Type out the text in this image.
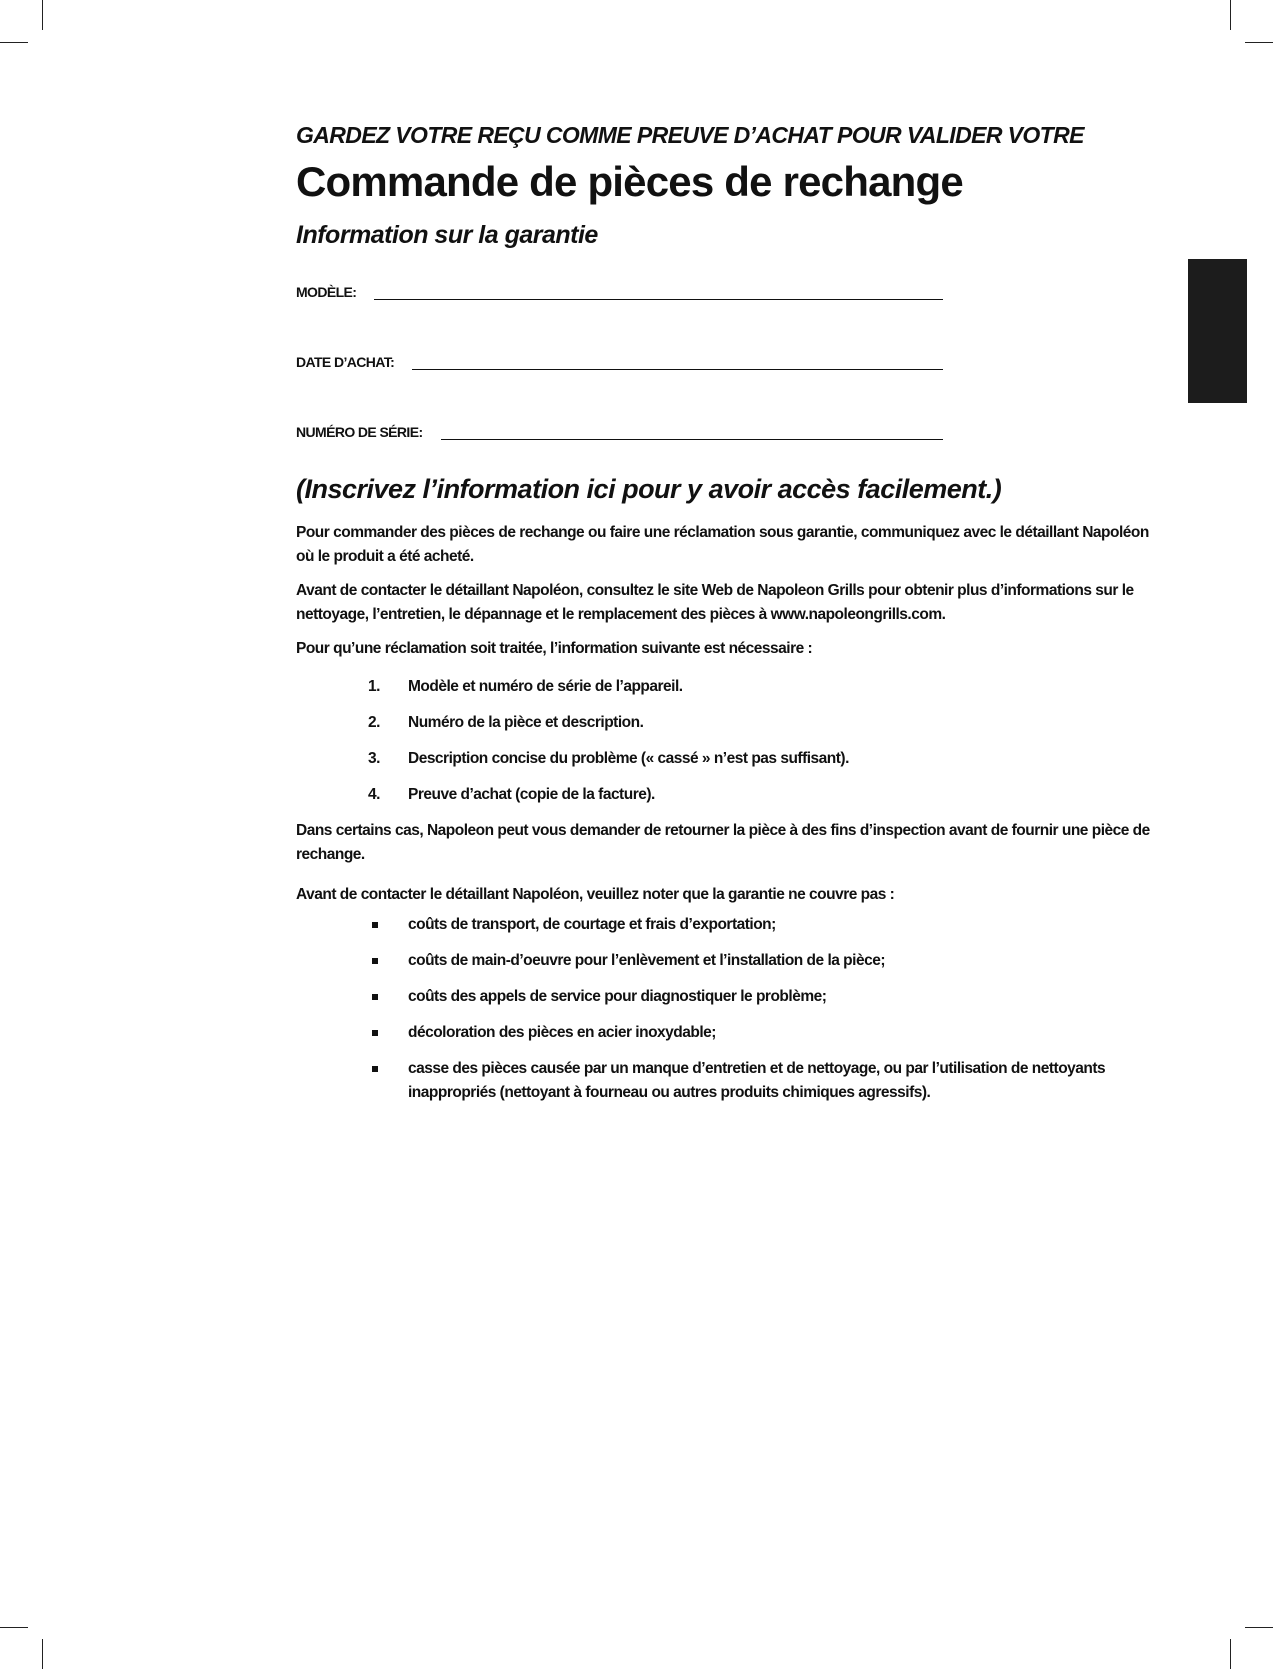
GARDEZ VOTRE REÇU COMME PREUVE D’ACHAT POUR VALIDER VOTRE
Commande de pièces de rechange
Information sur la garantie
MODÈLE:
DATE D’ACHAT:
NUMÉRO DE SÉRIE:
(Inscrivez l’information ici pour y avoir accès facilement.)

Pour commander des pièces de rechange ou faire une réclamation sous garantie, communiquez avec le détaillant Napoléon où le produit a été acheté.

Avant de contacter le détaillant Napoléon, consultez le site Web de Napoleon Grills pour obtenir plus d’informations sur le nettoyage, l’entretien, le dépannage et le remplacement des pièces à www.napoleongrills.com.

Pour qu’une réclamation soit traitée, l’information suivante est nécessaire :

1.	Modèle et numéro de série de l’appareil.
2.	Numéro de la pièce et description.
3.	Description concise du problème (« cassé » n’est pas suffisant).
4.	Preuve d’achat (copie de la facture).

Dans certains cas, Napoleon peut vous demander de retourner la pièce à des fins d’inspection avant de fournir une pièce de rechange.

Avant de contacter le détaillant Napoléon, veuillez noter que la garantie ne couvre pas :

coûts de transport, de courtage et frais d’exportation;
coûts de main-d’oeuvre pour l’enlèvement et l’installation de la pièce;
coûts des appels de service pour diagnostiquer le problème;
décoloration des pièces en acier inoxydable;
casse des pièces causée par un manque d’entretien et de nettoyage, ou par l’utilisation de nettoyants inappropriés (nettoyant à fourneau ou autres produits chimiques agressifs).
